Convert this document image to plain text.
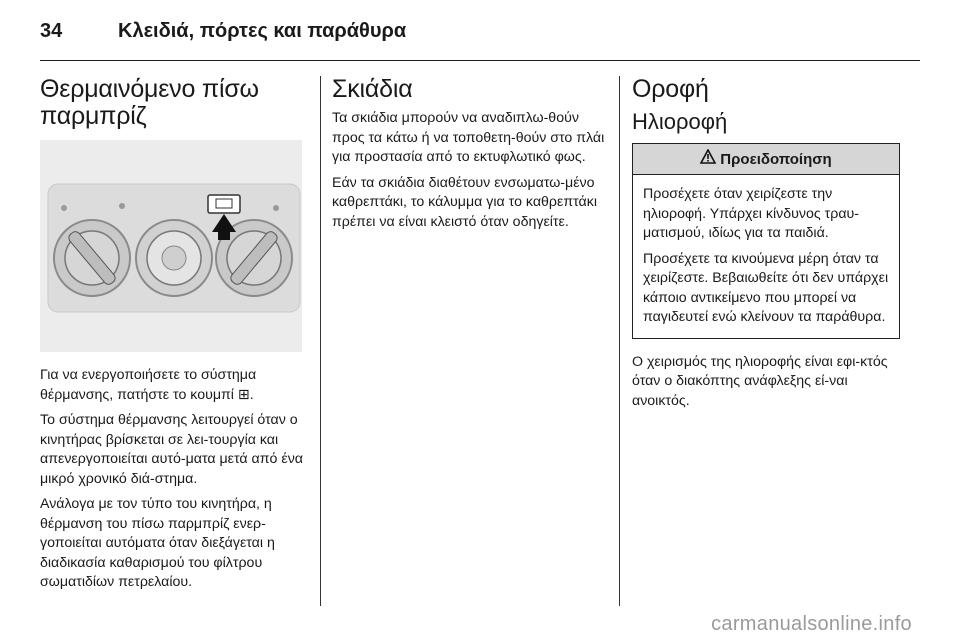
34	Κλειδιά, πόρτες και παράθυρα
Θερμαινόμενο πίσω
παρμπρίζ

Για να ενεργοποιήσετε το σύστημα θέρμανσης, πατήστε το κουμπί ⊞.

Το σύστημα θέρμανσης λειτουργεί όταν ο κινητήρας βρίσκεται σε λει-τουργία και απενεργοποιείται αυτό-ματα μετά από ένα μικρό χρονικό διά-στημα.

Ανάλογα με τον τύπο του κινητήρα, η θέρμανση του πίσω παρμπρίζ ενερ-γοποιείται αυτόματα όταν διεξάγεται η διαδικασία καθαρισμού του φίλτρου σωματιδίων πετρελαίου.

Σκιάδια

Τα σκιάδια μπορούν να αναδιπλω-θούν προς τα κάτω ή να τοποθετη-θούν στο πλάι για προστασία από το εκτυφλωτικό φως.

Εάν τα σκιάδια διαθέτουν ενσωματω-μένο καθρεπτάκι, το κάλυμμα για το καθρεπτάκι πρέπει να είναι κλειστό όταν οδηγείτε.

Οροφή
Ηλιοροφή
Προειδοποίηση

Προσέχετε όταν χειρίζεστε την ηλιοροφή. Υπάρχει κίνδυνος τραυ-ματισμού, ιδίως για τα παιδιά.

Προσέχετε τα κινούμενα μέρη όταν τα χειρίζεστε. Βεβαιωθείτε ότι δεν υπάρχει κάποιο αντικείμενο που μπορεί να παγιδευτεί ενώ κλείνουν τα παράθυρα.

Ο χειρισμός της ηλιοροφής είναι εφι-κτός όταν ο διακόπτης ανάφλεξης εί-ναι ανοικτός.

carmanualsonline.info
